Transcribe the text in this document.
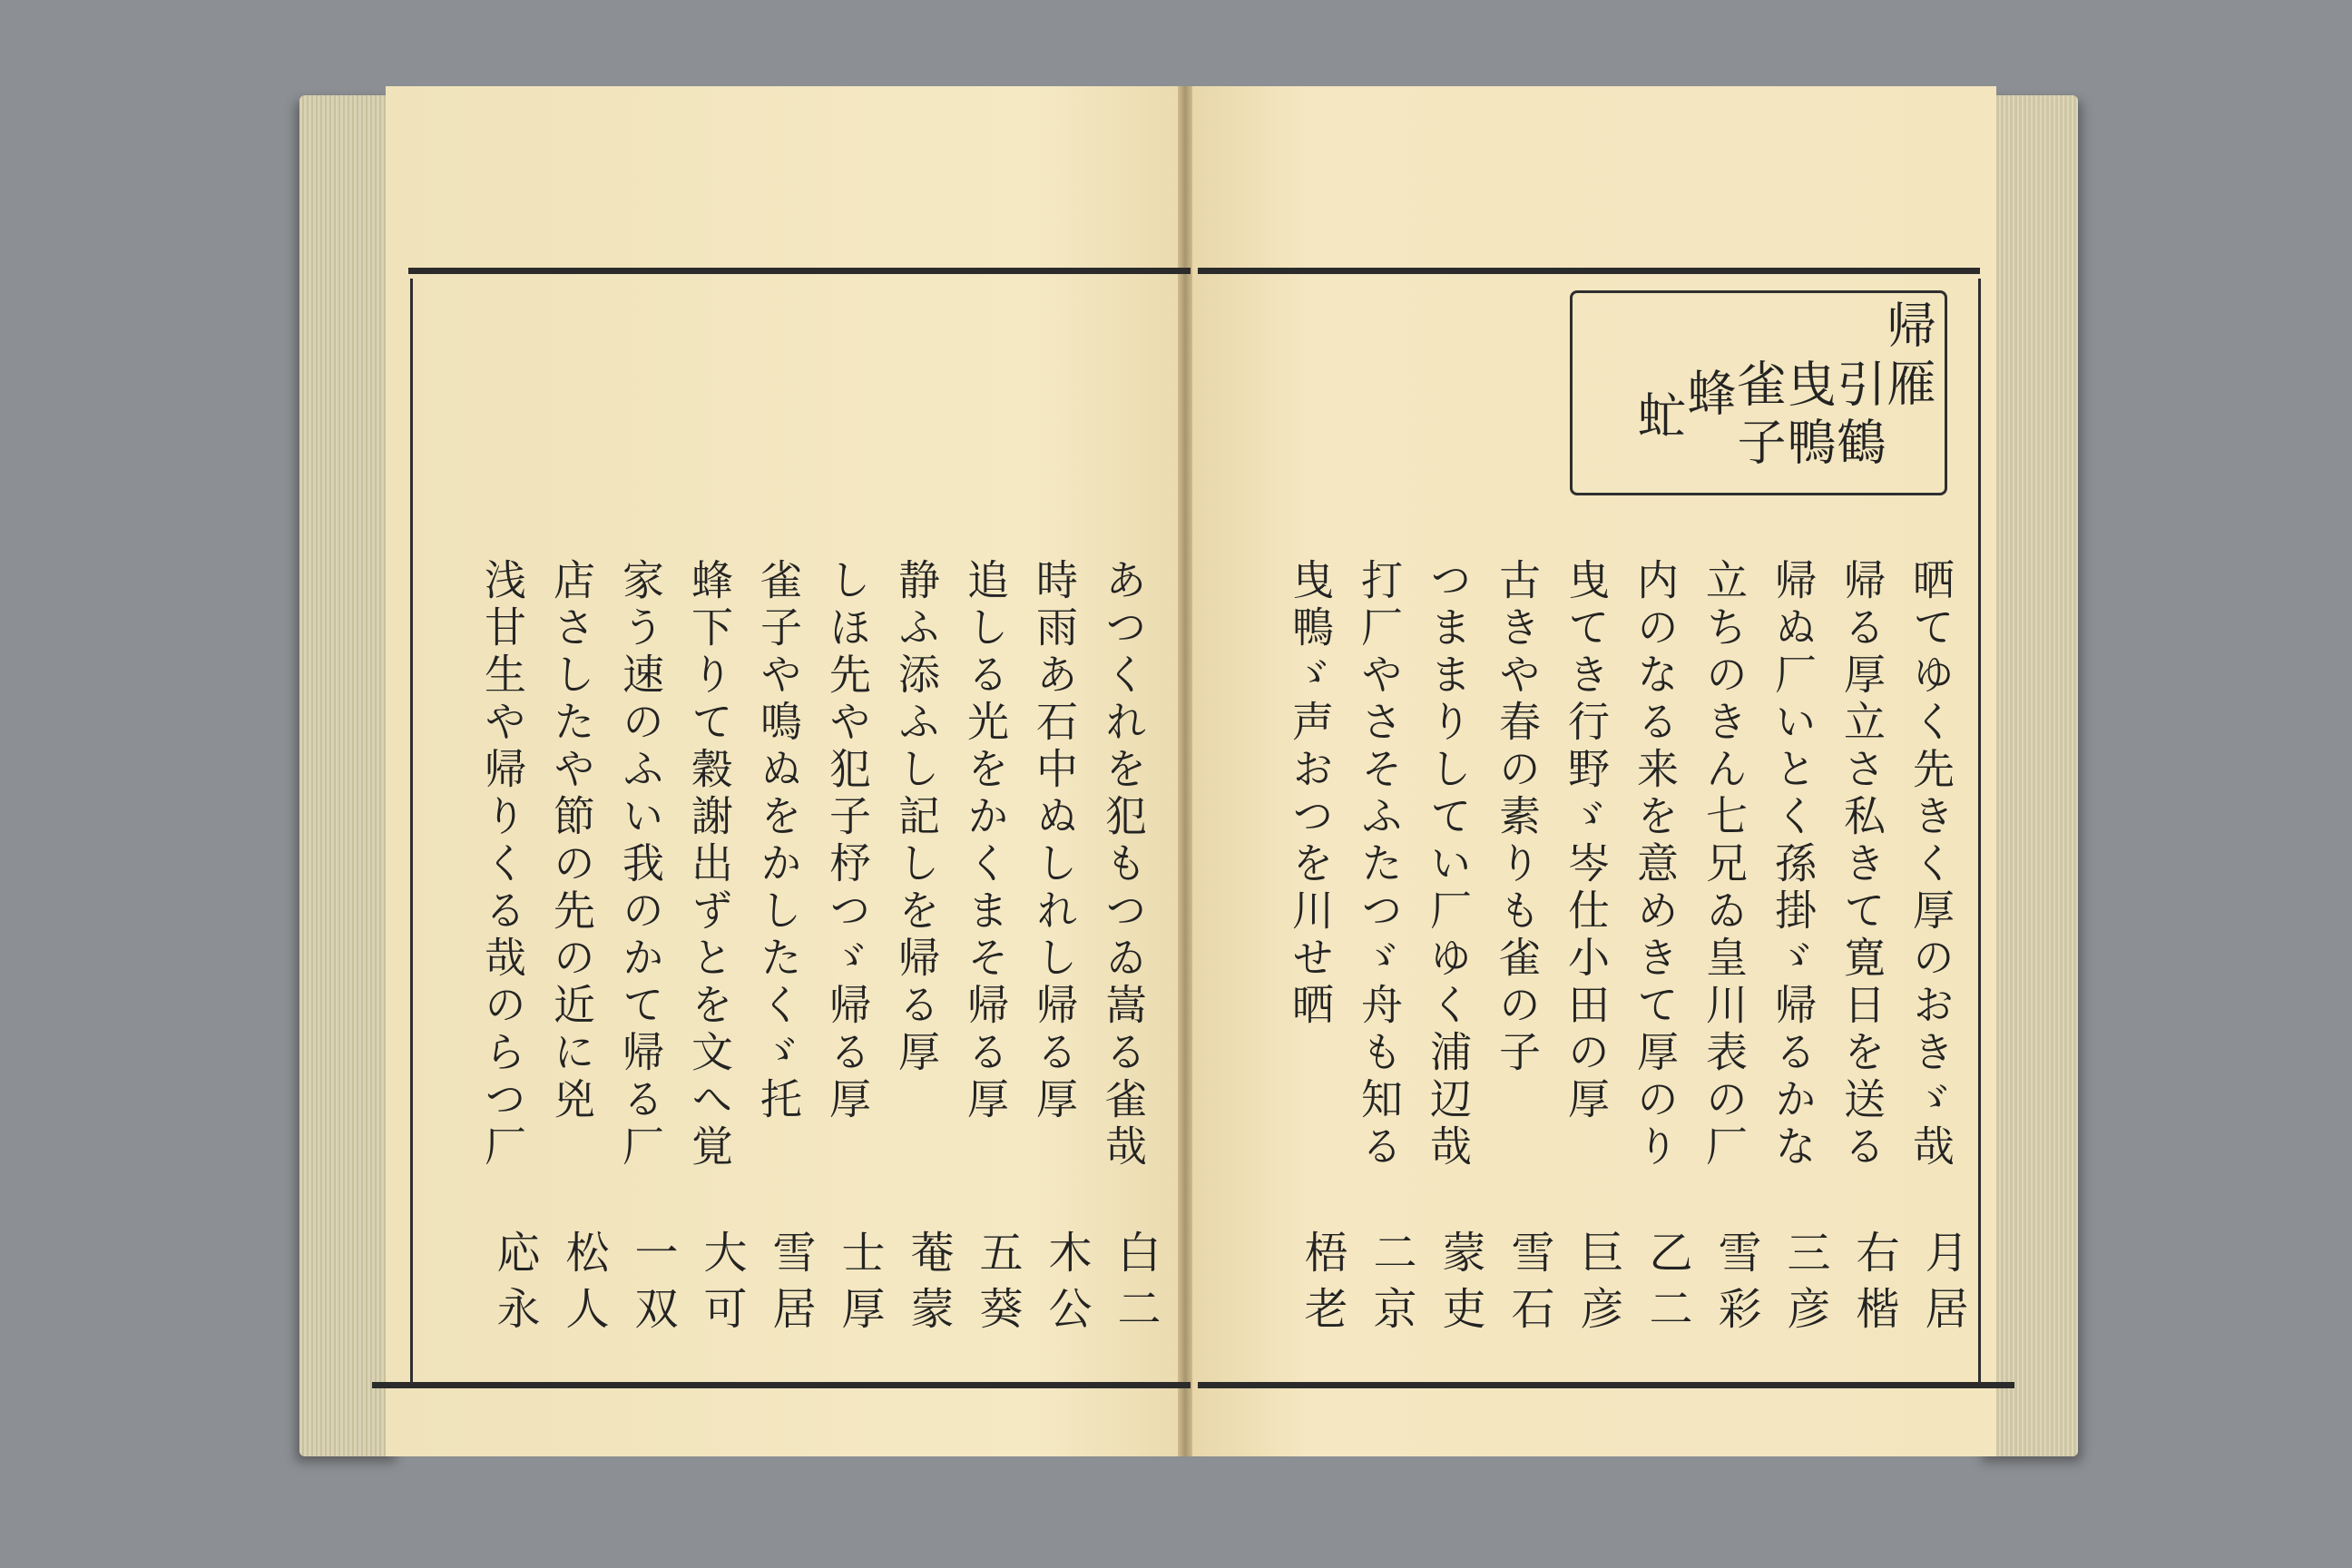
帰雁
引鶴
曳鴨
雀子
蜂
虻
晒てゆく先きく厚のおきゞ哉
月居
帰る厚立さ私きて寛日を送る
右楷
帰ぬ厂いとく孫掛ゞ帰るかな
三彦
立ちのきん七兄ゐ皇川表の厂
雪彩
内のなる来を意めきて厚のり
乙二
曳てき行野ゞ岑仕小田の厚
巨彦
古きや春の素りも雀の子
雪石
つままりしてい厂ゆく浦辺哉
蒙吏
打厂やさそふたつゞ舟も知る
二京
曳鴨ゞ声おつを川せ晒
梧老
あつくれを犯もつゐ嵩る雀哉
白二
時雨あ石中ぬしれし帰る厚
木公
追しる光をかくまそ帰る厚
五葵
静ふ添ふし記しを帰る厚
菴蒙
しほ先や犯子杼つゞ帰る厚
士厚
雀子や鳴ぬをかしたくゞ托
雪居
蜂下りて穀謝出ずとを文へ覚
大可
家う速のふい我のかて帰る厂
一双
店さしたや節の先の近に兇
松人
浅甘生や帰りくる哉のらつ厂
応永
